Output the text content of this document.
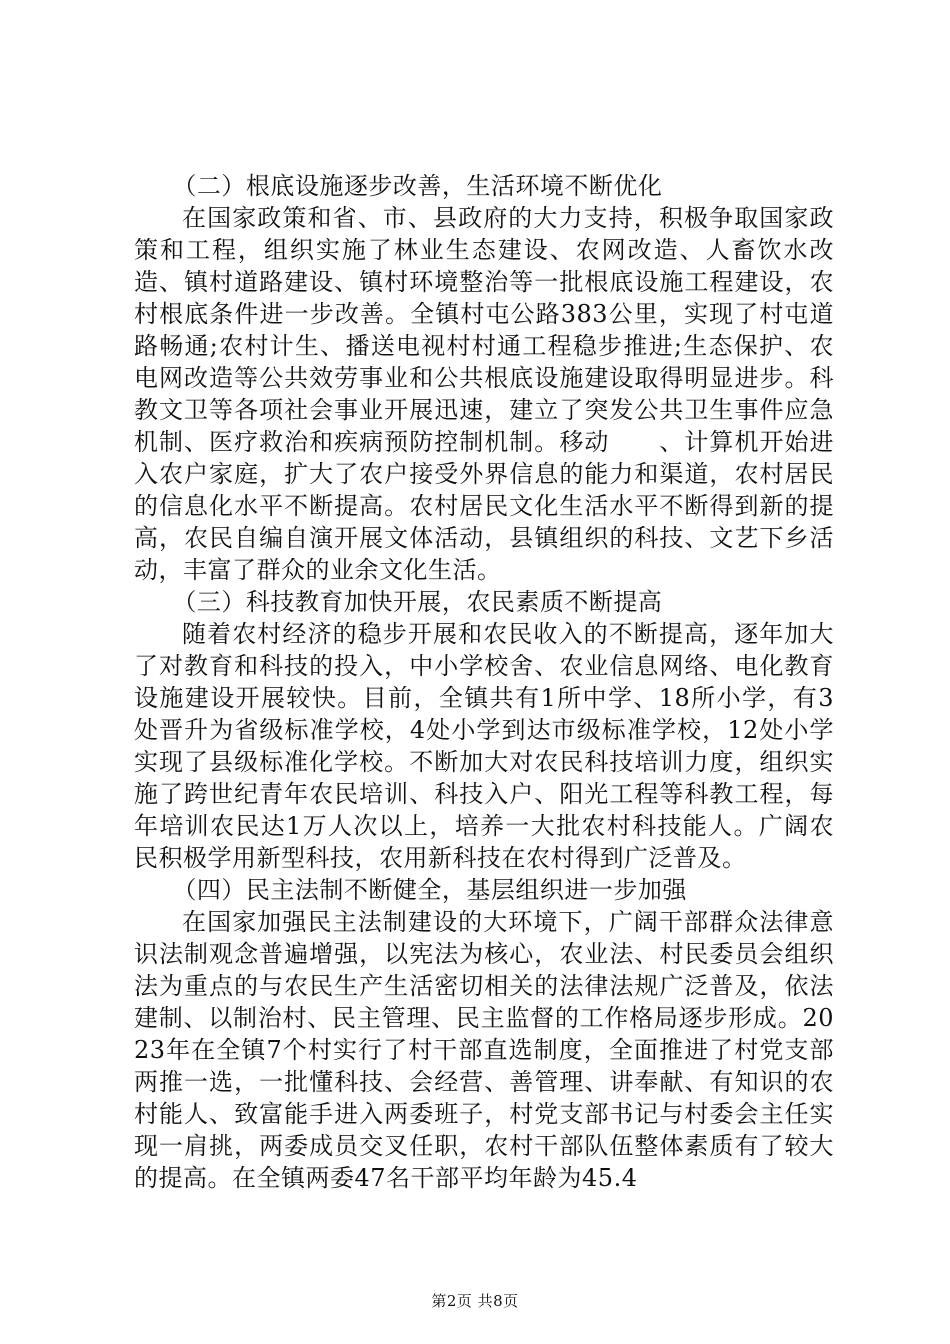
（二）根底设施逐步改善，生活环境不断优化

在国家政策和省、市、县政府的大力支持，积极争取国家政策和工程，组织实施了林业生态建设、农网改造、人畜饮水改造、镇村道路建设、镇村环境整治等一批根底设施工程建设，农村根底条件进一步改善。全镇村屯公路383公里，实现了村屯道路畅通;农村计生、播送电视村村通工程稳步推进;生态保护、农电网改造等公共效劳事业和公共根底设施建设取得明显进步。科教文卫等各项社会事业开展迅速，建立了突发公共卫生事件应急机制、医疗救治和疾病预防控制机制。移动　　、计算机开始进入农户家庭，扩大了农户接受外界信息的能力和渠道，农村居民的信息化水平不断提高。农村居民文化生活水平不断得到新的提高，农民自编自演开展文体活动，县镇组织的科技、文艺下乡活动，丰富了群众的业余文化生活。

（三）科技教育加快开展，农民素质不断提高

随着农村经济的稳步开展和农民收入的不断提高，逐年加大了对教育和科技的投入，中小学校舍、农业信息网络、电化教育设施建设开展较快。目前，全镇共有1所中学、18所小学，有3处晋升为省级标准学校，4处小学到达市级标准学校，12处小学实现了县级标准化学校。不断加大对农民科技培训力度，组织实施了跨世纪青年农民培训、科技入户、阳光工程等科教工程，每年培训农民达1万人次以上，培养一大批农村科技能人。广阔农民积极学用新型科技，农用新科技在农村得到广泛普及。

（四）民主法制不断健全，基层组织进一步加强

在国家加强民主法制建设的大环境下，广阔干部群众法律意识法制观念普遍增强，以宪法为核心，农业法、村民委员会组织法为重点的与农民生产生活密切相关的法律法规广泛普及，依法建制、以制治村、民主管理、民主监督的工作格局逐步形成。2023年在全镇7个村实行了村干部直选制度，全面推进了村党支部两推一选，一批懂科技、会经营、善管理、讲奉献、有知识的农村能人、致富能手进入两委班子，村党支部书记与村委会主任实现一肩挑，两委成员交叉任职，农村干部队伍整体素质有了较大的提高。在全镇两委47名干部平均年龄为45.4

第2页 共8页
